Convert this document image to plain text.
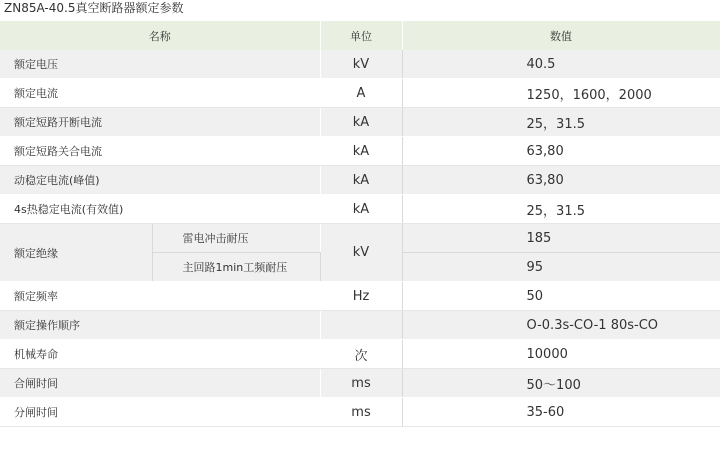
ZN85A-40.5真空断路器额定参数
名称		单位	数值
额定电压		kV	40.5
额定电流		A	1250，1600，2000
额定短路开断电流		kA	25，31.5
额定短路关合电流		kA	63,80
动稳定电流(峰值)		kA	63,80
4s热稳定电流(有效值)		kA	25，31.5
额定绝缘	雷电冲击耐压	kV	185
	主回路1min工频耐压		95
额定频率		Hz	50
额定操作顺序			O-0.3s-CO-1 80s-CO
机械寿命		次	10000
合闸时间		ms	50～100
分闸时间		ms	35-60
